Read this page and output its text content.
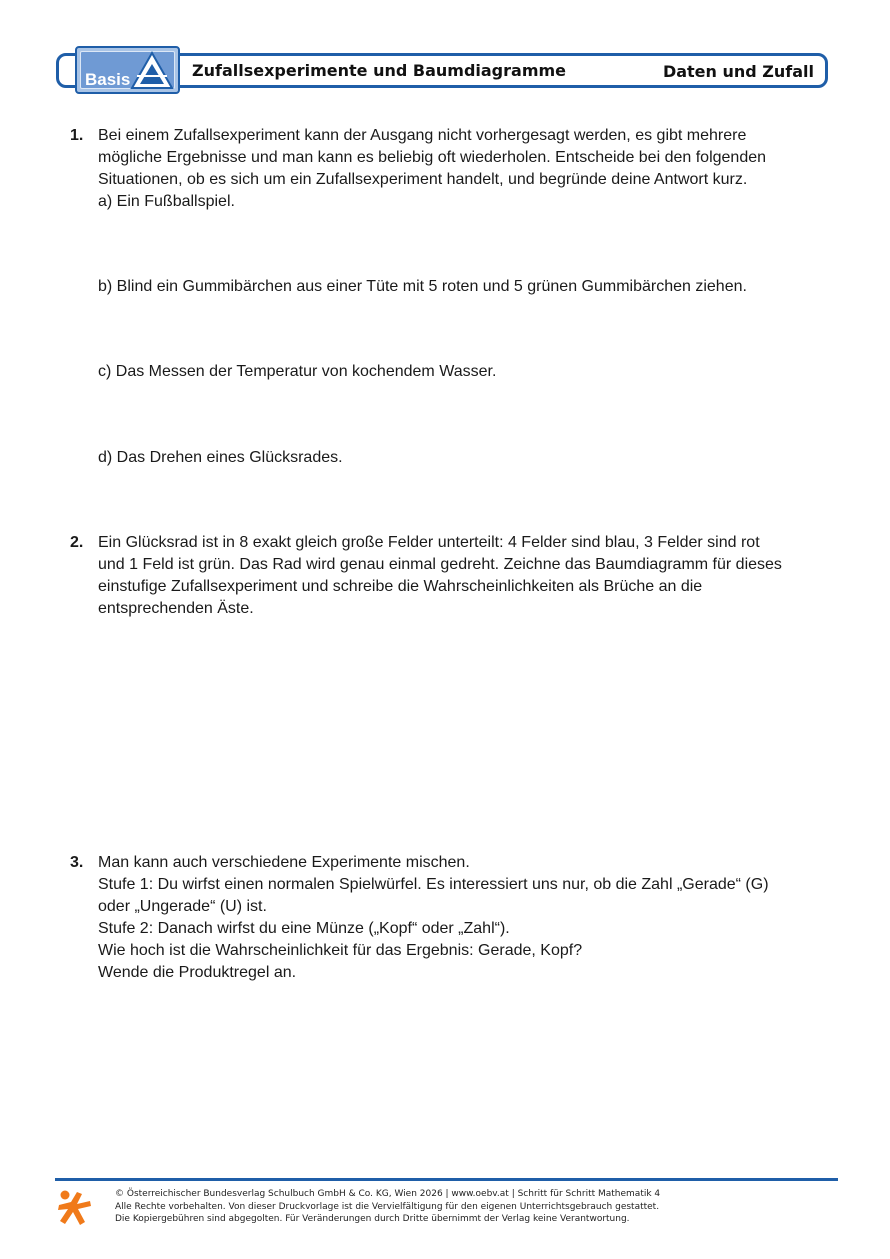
Basis	Zufallsexperimente und Baumdiagramme	Daten und Zufall
1. Bei einem Zufallsexperiment kann der Ausgang nicht vorhergesagt werden, es gibt mehrere

mögliche Ergebnisse und man kann es beliebig oft wiederholen. Entscheide bei den folgenden

Situationen, ob es sich um ein Zufallsexperiment handelt, und begründe deine Antwort kurz.

a) Ein Fußballspiel.
b) Blind ein Gummibärchen aus einer Tüte mit 5 roten und 5 grünen Gummibärchen ziehen.
c) Das Messen der Temperatur von kochendem Wasser.
d) Das Drehen eines Glücksrades.
2. Ein Glücksrad ist in 8 exakt gleich große Felder unterteilt: 4 Felder sind blau, 3 Felder sind rot

und 1 Feld ist grün. Das Rad wird genau einmal gedreht. Zeichne das Baumdiagramm für dieses

einstufige Zufallsexperiment und schreibe die Wahrscheinlichkeiten als Brüche an die

entsprechenden Äste.

3. Man kann auch verschiedene Experimente mischen.

Stufe 1: Du wirfst einen normalen Spielwürfel. Es interessiert uns nur, ob die Zahl „Gerade“ (G)

oder „Ungerade“ (U) ist.

Stufe 2: Danach wirfst du eine Münze („Kopf“ oder „Zahl“).

Wie hoch ist die Wahrscheinlichkeit für das Ergebnis: Gerade, Kopf?

Wende die Produktregel an.

© Österreichischer Bundesverlag Schulbuch GmbH & Co. KG, Wien 2026 | www.oebv.at | Schritt für Schritt Mathematik 4
Alle Rechte vorbehalten. Von dieser Druckvorlage ist die Vervielfältigung für den eigenen Unterrichtsgebrauch gestattet.
Die Kopiergebühren sind abgegolten. Für Veränderungen durch Dritte übernimmt der Verlag keine Verantwortung.
